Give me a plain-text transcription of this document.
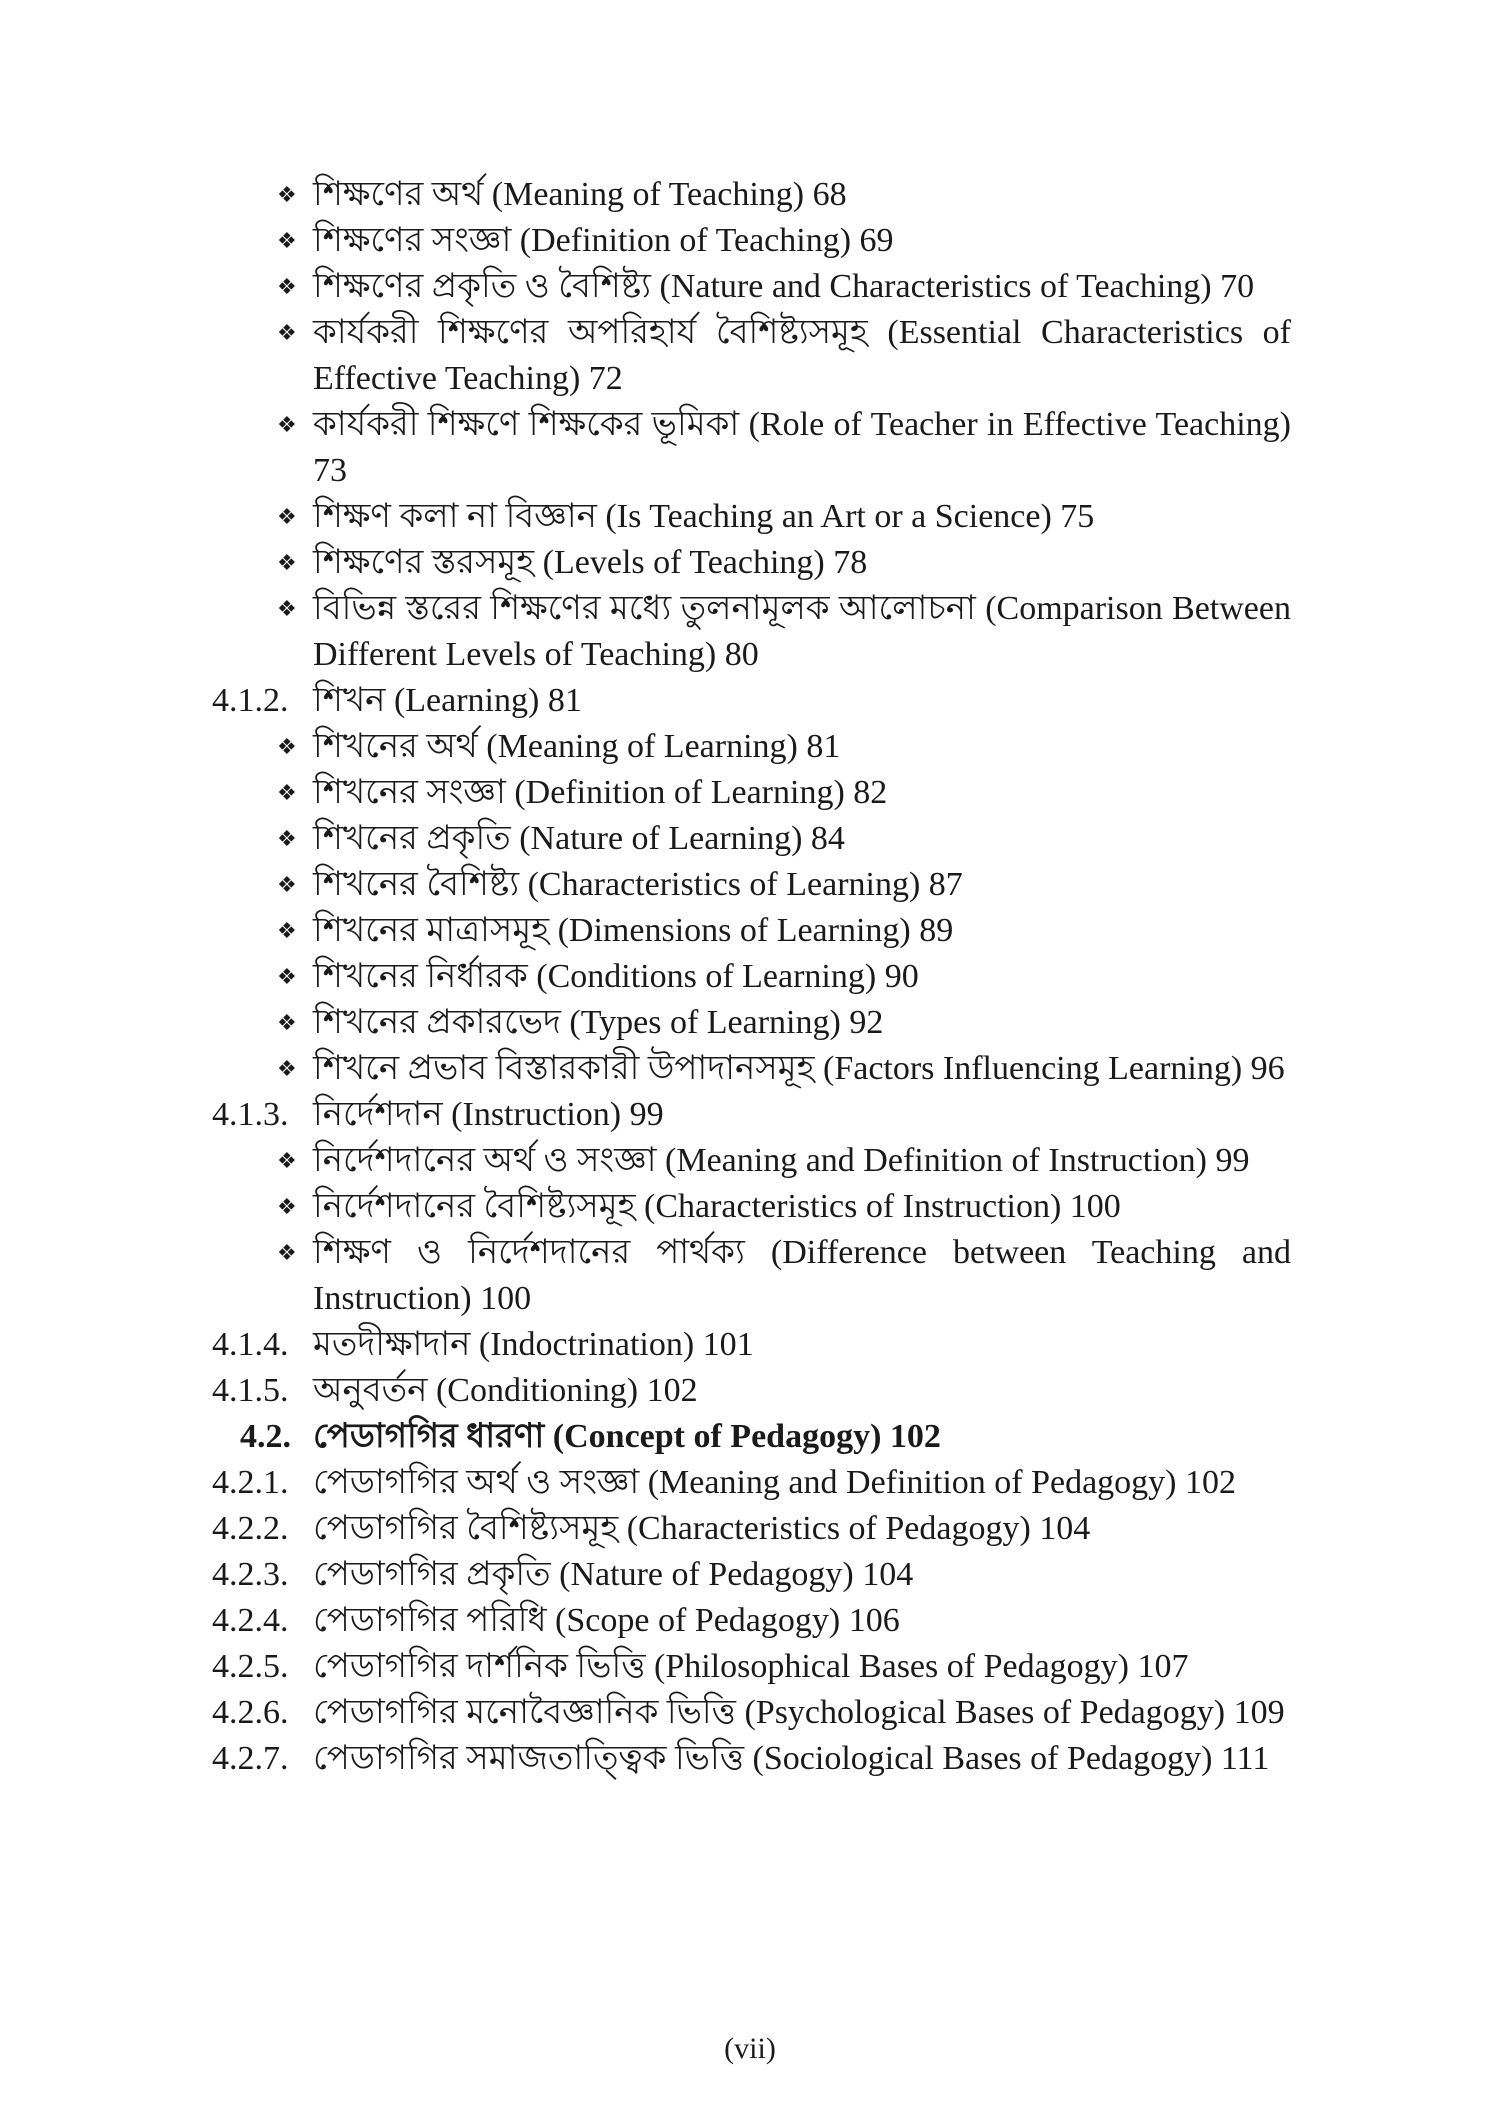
❖ শিক্ষণের অর্থ (Meaning of Teaching) 68
❖ শিক্ষণের সংজ্ঞা (Definition of Teaching) 69
❖ শিক্ষণের প্রকৃতি ও বৈশিষ্ট্য (Nature and Characteristics of Teaching) 70
❖ কার্যকরী শিক্ষণের অপরিহার্য বৈশিষ্ট্যসমূহ (Essential Characteristics of Effective Teaching) 72
❖ কার্যকরী শিক্ষণে শিক্ষকের ভূমিকা (Role of Teacher in Effective Teaching) 73
❖ শিক্ষণ কলা না বিজ্ঞান (Is Teaching an Art or a Science) 75
❖ শিক্ষণের স্তরসমূহ (Levels of Teaching) 78
❖ বিভিন্ন স্তরের শিক্ষণের মধ্যে তুলনামূলক আলোচনা (Comparison Between Different Levels of Teaching) 80
4.1.2. শিখন (Learning) 81
❖ শিখনের অর্থ (Meaning of Learning) 81
❖ শিখনের সংজ্ঞা (Definition of Learning) 82
❖ শিখনের প্রকৃতি (Nature of Learning) 84
❖ শিখনের বৈশিষ্ট্য (Characteristics of Learning) 87
❖ শিখনের মাত্রাসমূহ (Dimensions of Learning) 89
❖ শিখনের নির্ধারক (Conditions of Learning) 90
❖ শিখনের প্রকারভেদ (Types of Learning) 92
❖ শিখনে প্রভাব বিস্তারকারী উপাদানসমূহ (Factors Influencing Learning) 96
4.1.3. নির্দেশদান (Instruction) 99
❖ নির্দেশদানের অর্থ ও সংজ্ঞা (Meaning and Definition of Instruction) 99
❖ নির্দেশদানের বৈশিষ্ট্যসমূহ (Characteristics of Instruction) 100
❖ শিক্ষণ ও নির্দেশদানের পার্থক্য (Difference between Teaching and Instruction) 100
4.1.4. মতদীক্ষাদান (Indoctrination) 101
4.1.5. অনুবর্তন (Conditioning) 102
4.2. পেডাগগির ধারণা (Concept of Pedagogy) 102
4.2.1. পেডাগগির অর্থ ও সংজ্ঞা (Meaning and Definition of Pedagogy) 102
4.2.2. পেডাগগির বৈশিষ্ট্যসমূহ (Characteristics of Pedagogy) 104
4.2.3. পেডাগগির প্রকৃতি (Nature of Pedagogy) 104
4.2.4. পেডাগগির পরিধি (Scope of Pedagogy) 106
4.2.5. পেডাগগির দার্শনিক ভিত্তি (Philosophical Bases of Pedagogy) 107
4.2.6. পেডাগগির মনোবৈজ্ঞানিক ভিত্তি (Psychological Bases of Pedagogy) 109
4.2.7. পেডাগগির সমাজতাত্ত্বিক ভিত্তি (Sociological Bases of Pedagogy) 111
(vii)
